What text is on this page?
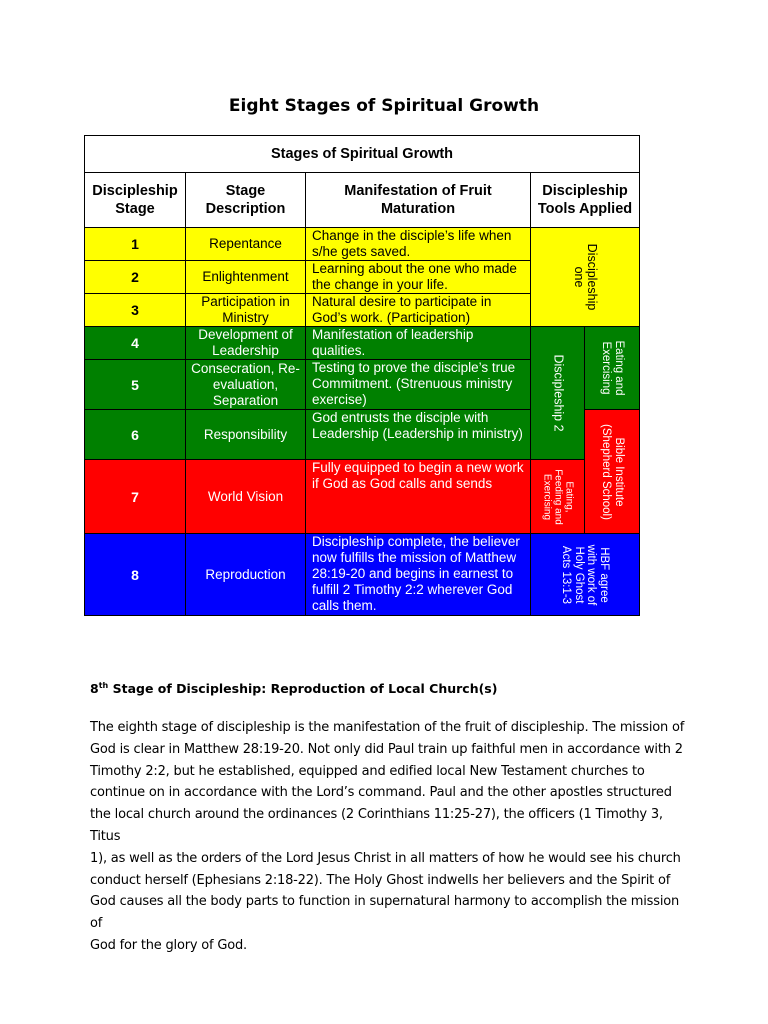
Eight Stages of Spiritual Growth
Stages of Spiritual Growth				
Discipleship Stage	Stage Description	Manifestation of Fruit Maturation	Discipleship Tools Applied	
1	Repentance	Change in the disciple’s life when s/he gets saved.	Discipleship one	

2	Enlightenment	Learning about the one who made the change in your life.		
3	Participation in Ministry	Natural desire to participate in God’s work. (Participation)		
4	Development of Leadership	Manifestation of leadership qualities.	Discipleship 2	Eating and Exercising

5	Consecration, Re-evaluation, Separation	Testing to prove the disciple’s true Commitment. (Strenuous ministry exercise)		
6	Responsibility	God entrusts the disciple with Leadership (Leadership in ministry)		Bible Institute (Shepherd School)

7	World Vision	Fully equipped to begin a new work if God as God calls and sends	Eating, Feeding and Exercising	

8	Reproduction	Discipleship complete, the believer now fulfills the mission of Matthew 28:19-20 and begins in earnest to fulfill 2 Timothy 2:2 wherever God calls them.	HBF agree with work of Holy Ghost Acts 13:1-3	
8th Stage of Discipleship: Reproduction of Local Church(s)
The eighth stage of discipleship is the manifestation of the fruit of discipleship. The mission of
God is clear in Matthew 28:19-20. Not only did Paul train up faithful men in accordance with 2
Timothy 2:2, but he established, equipped and edified local New Testament churches to
continue on in accordance with the Lord’s command. Paul and the other apostles structured
the local church around the ordinances (2 Corinthians 11:25-27), the officers (1 Timothy 3, Titus
1), as well as the orders of the Lord Jesus Christ in all matters of how he would see his church
conduct herself (Ephesians 2:18-22). The Holy Ghost indwells her believers and the Spirit of
God causes all the body parts to function in supernatural harmony to accomplish the mission of
God for the glory of God.
